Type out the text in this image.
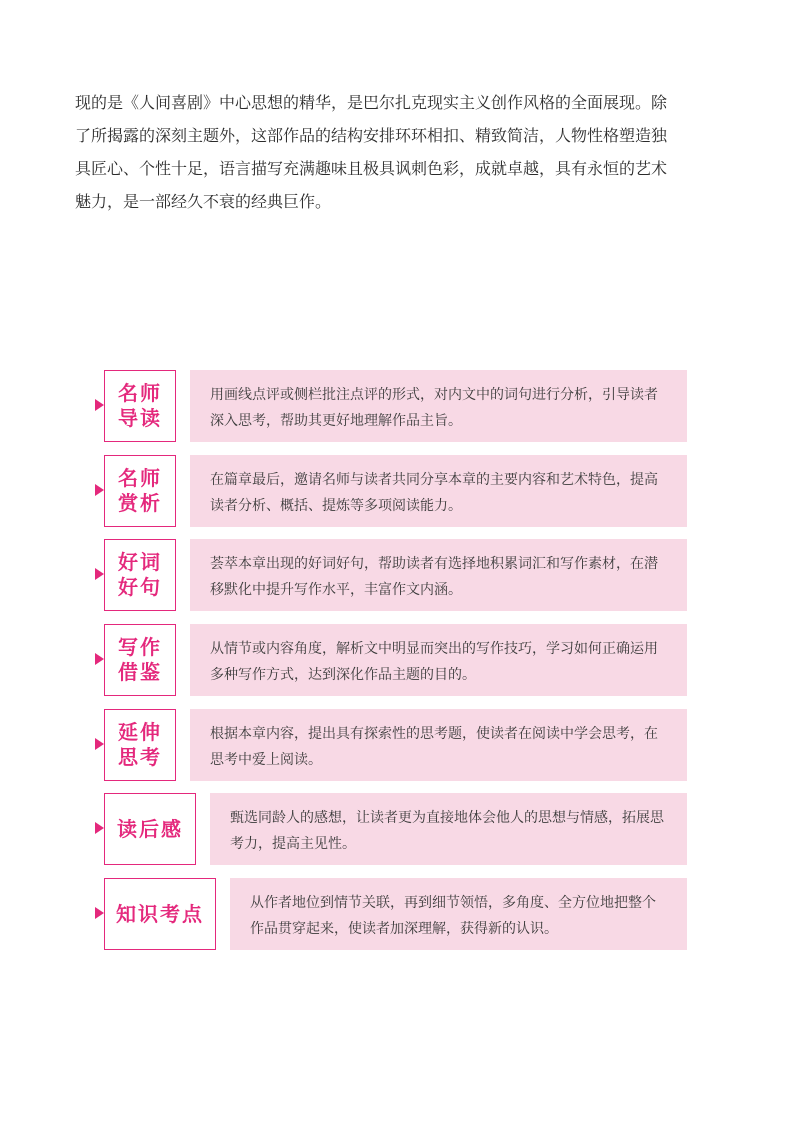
现的是《人间喜剧》中心思想的精华，是巴尔扎克现实主义创作风格的全面展现。除

了所揭露的深刻主题外，这部作品的结构安排环环相扣、精致简洁，人物性格塑造独

具匠心、个性十足，语言描写充满趣味且极具讽刺色彩，成就卓越，具有永恒的艺术

魅力，是一部经久不衰的经典巨作。

名师导读
用画线点评或侧栏批注点评的形式，对内文中的词句进行分析，引导读者深入思考，帮助其更好地理解作品主旨。
名师赏析
在篇章最后，邀请名师与读者共同分享本章的主要内容和艺术特色，提高读者分析、概括、提炼等多项阅读能力。
好词好句
荟萃本章出现的好词好句，帮助读者有选择地积累词汇和写作素材，在潜移默化中提升写作水平，丰富作文内涵。
写作借鉴
从情节或内容角度，解析文中明显而突出的写作技巧，学习如何正确运用多种写作方式，达到深化作品主题的目的。
延伸思考
根据本章内容，提出具有探索性的思考题，使读者在阅读中学会思考，在思考中爱上阅读。
读后感	甄选同龄人的感想，让读者更为直接地体会他人的思想与情感，拓展思考力，提高主见性。
知识考点	从作者地位到情节关联，再到细节领悟，多角度、全方位地把整个作品贯穿起来，使读者加深理解，获得新的认识。
